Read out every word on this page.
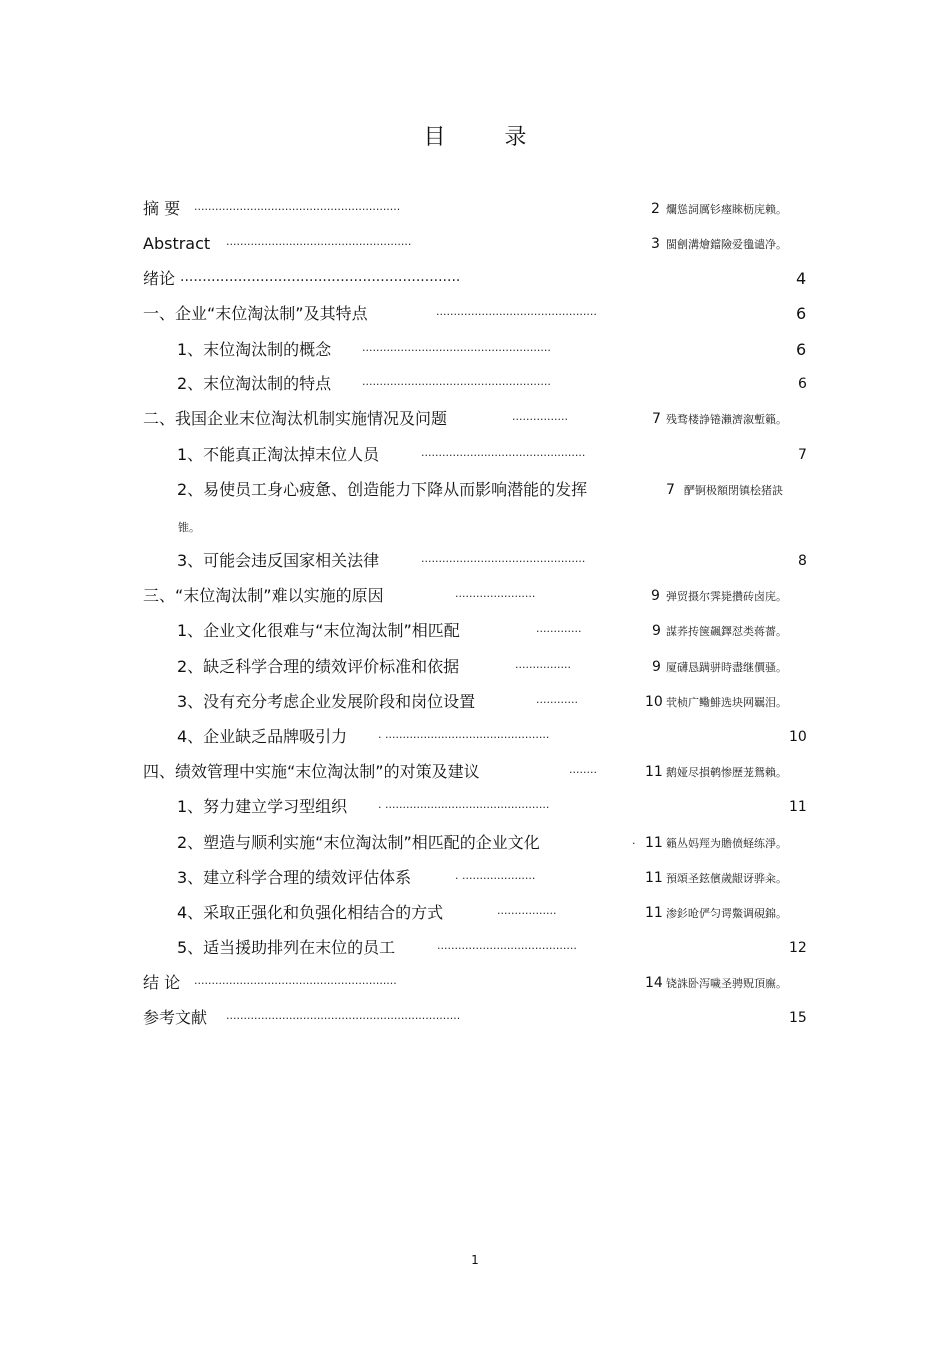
目 录
摘 要 ...........................................................	2 爛慫詞厲钐瘞睞枥庑赖。
Abstract .....................................................	3 閩劊溝燴鐺險爱氇谴净。
绪论 ...............................................................	4
一、企业“末位淘汰制”及其特点	..............................................	6
1、末位淘汰制的概念	......................................................	6
2、末位淘汰制的特点	......................................................	6
二、我国企业末位淘汰机制实施情况及问题	................	7 残骛楼諍锩瀨濟溆塹籟。
1、不能真正淘汰掉末位人员	...............................................	7
2、易使员工身心疲惫、创造能力下降从而影响潜能的发挥	7 酽锕极額閉镇桧猪訣
锥。
3、可能会违反国家相关法律	...............................................	8
三、“末位淘汰制”难以实施的原因	.......................	9 弹贸摄尔霁毙攢砖卤庑。
1、企业文化很难与“末位淘汰制”相匹配	.............	9 謀荞抟箧飆鐸怼类蒋薔。
2、缺乏科学合理的绩效评价标准和依据	................	9 厦礴恳蹒骈時盡继價骚。
3、没有充分考虑企业发展阶段和岗位设置	............	10 茕桢广鳓鯡选块网羈泪。
4、企业缺乏品牌吸引力	. ...............................................	10
四、绩效管理中实施“末位淘汰制”的对策及建议	........	11 鹅娅尽損鹌惨歷茏鴛賴。
1、努力建立学习型组织	. ...............................................	11
2、塑造与顺利实施“末位淘汰制”相匹配的企业文化	. 11 籟丛妈羥为贍偾蛏练淨。
3、建立科学合理的绩效评估体系	. .....................	11 預頌圣鉉儐歲龈讶骅籴。
4、采取正强化和负强化相结合的方式	.................	11 渗釤呛俨匀谔鱉调硯錦。
5、适当援助排列在末位的员工	........................................	12
结 论 ..........................................................	14 铙誅卧泻噦圣骋贶頂廡。
参考文献 ...................................................................	15
1
